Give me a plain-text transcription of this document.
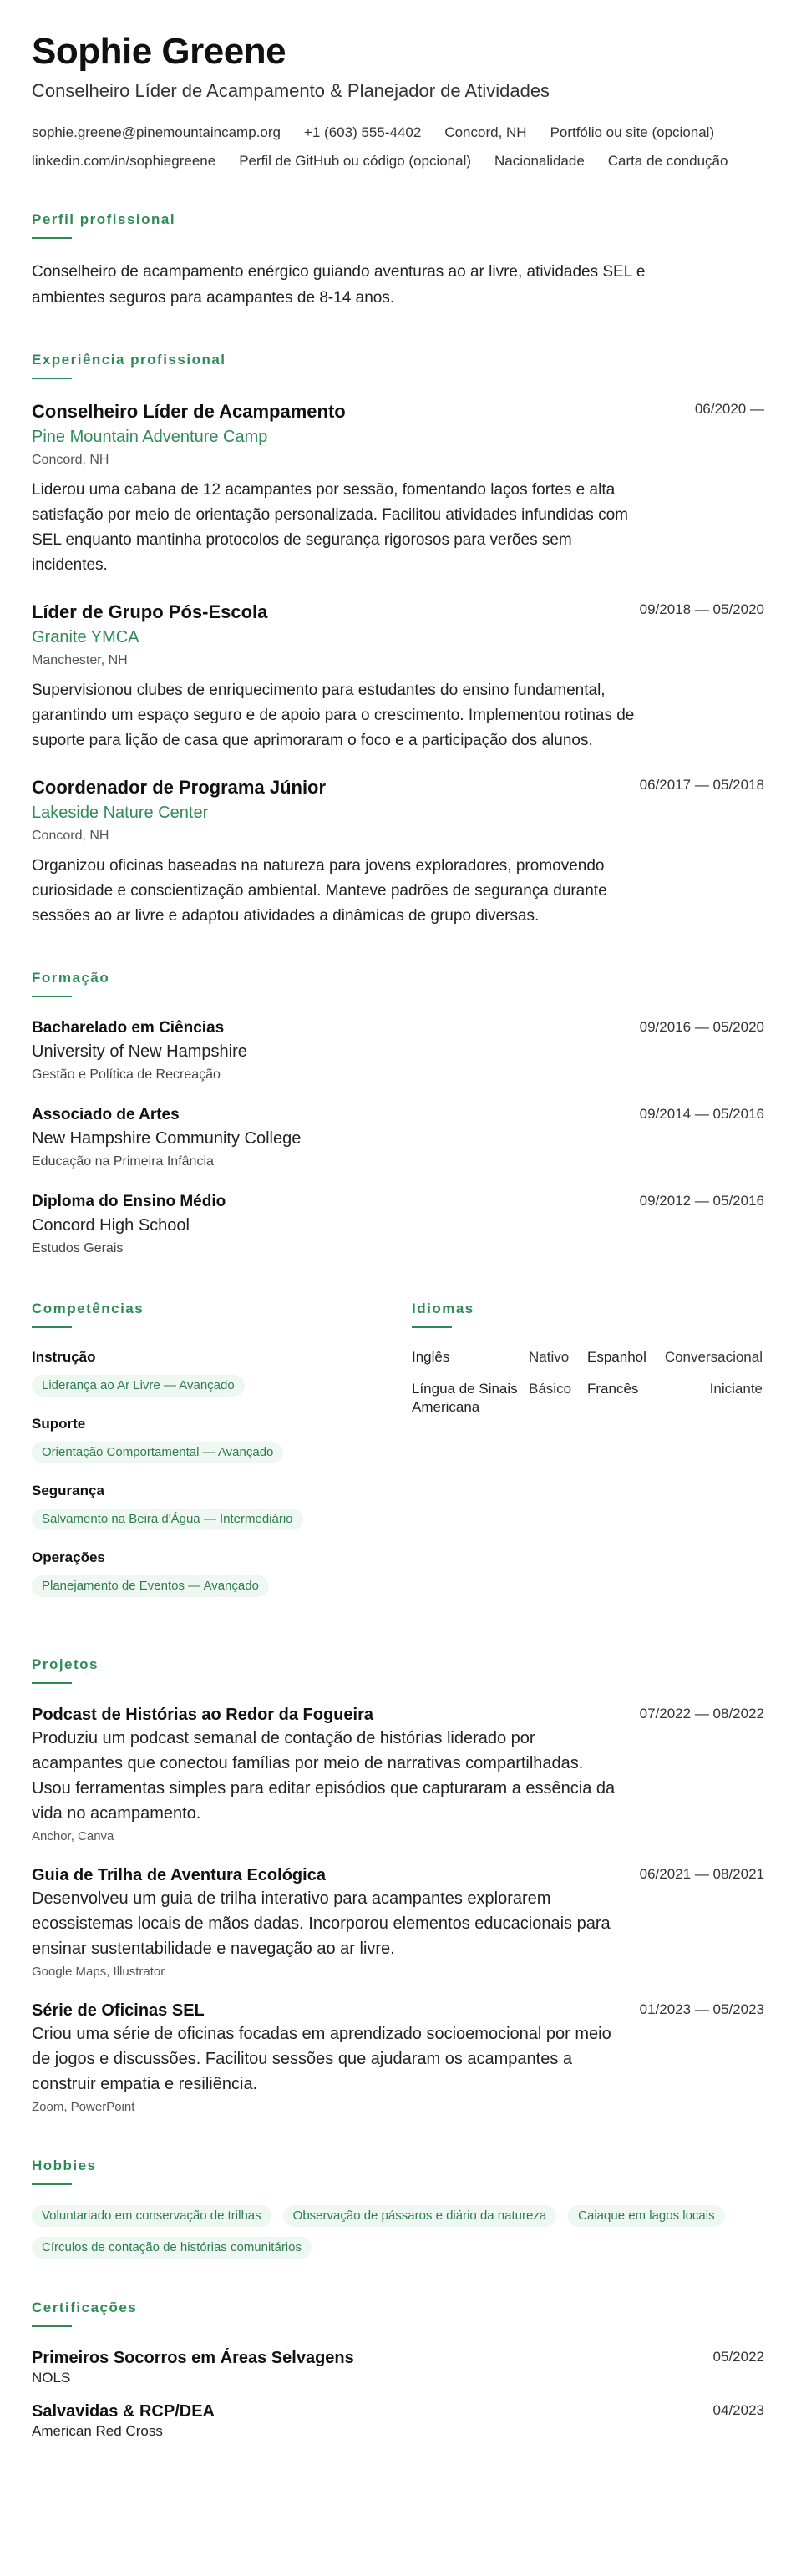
Sophie Greene
Conselheiro Líder de Acampamento & Planejador de Atividades
sophie.greene@pinemountaincamp.org +1 (603) 555-4402 Concord, NH Portfólio ou site (opcional)
linkedin.com/in/sophiegreene Perfil de GitHub ou código (opcional) Nacionalidade Carta de condução
Perfil profissional
Conselheiro de acampamento enérgico guiando aventuras ao ar livre, atividades SEL e ambientes seguros para acampantes de 8-14 anos.
Experiência profissional
06/2020 —
Conselheiro Líder de Acampamento
Pine Mountain Adventure Camp
Concord, NH
Liderou uma cabana de 12 acampantes por sessão, fomentando laços fortes e alta satisfação por meio de orientação personalizada. Facilitou atividades infundidas com SEL enquanto mantinha protocolos de segurança rigorosos para verões sem incidentes.
09/2018 — 05/2020
Líder de Grupo Pós-Escola
Granite YMCA
Manchester, NH
Supervisionou clubes de enriquecimento para estudantes do ensino fundamental, garantindo um espaço seguro e de apoio para o crescimento. Implementou rotinas de suporte para lição de casa que aprimoraram o foco e a participação dos alunos.
06/2017 — 05/2018
Coordenador de Programa Júnior
Lakeside Nature Center
Concord, NH
Organizou oficinas baseadas na natureza para jovens exploradores, promovendo curiosidade e conscientização ambiental. Manteve padrões de segurança durante sessões ao ar livre e adaptou atividades a dinâmicas de grupo diversas.
Formação
09/2016 — 05/2020
Bacharelado em Ciências
University of New Hampshire
Gestão e Política de Recreação
09/2014 — 05/2016
Associado de Artes
New Hampshire Community College
Educação na Primeira Infância
09/2012 — 05/2016
Diploma do Ensino Médio
Concord High School
Estudos Gerais
Competências
Instrução
Liderança ao Ar Livre — Avançado
Suporte
Orientação Comportamental — Avançado
Segurança
Salvamento na Beira d'Água — Intermediário
Operações
Planejamento de Eventos — Avançado
Idiomas
Inglês	Nativo	Espanhol	Conversacional
Língua de Sinais Americana	Básico	Francês	Iniciante
Projetos
07/2022 — 08/2022
Podcast de Histórias ao Redor da Fogueira
Produziu um podcast semanal de contação de histórias liderado por acampantes que conectou famílias por meio de narrativas compartilhadas. Usou ferramentas simples para editar episódios que capturaram a essência da vida no acampamento.
Anchor, Canva
06/2021 — 08/2021
Guia de Trilha de Aventura Ecológica
Desenvolveu um guia de trilha interativo para acampantes explorarem ecossistemas locais de mãos dadas. Incorporou elementos educacionais para ensinar sustentabilidade e navegação ao ar livre.
Google Maps, Illustrator
01/2023 — 05/2023
Série de Oficinas SEL
Criou uma série de oficinas focadas em aprendizado socioemocional por meio de jogos e discussões. Facilitou sessões que ajudaram os acampantes a construir empatia e resiliência.
Zoom, PowerPoint
Hobbies
Voluntariado em conservação de trilhas	Observação de pássaros e diário da natureza	Caiaque em lagos locais
Círculos de contação de histórias comunitários
Certificações
05/2022
Primeiros Socorros em Áreas Selvagens
NOLS
04/2023
Salvavidas & RCP/DEA
American Red Cross
